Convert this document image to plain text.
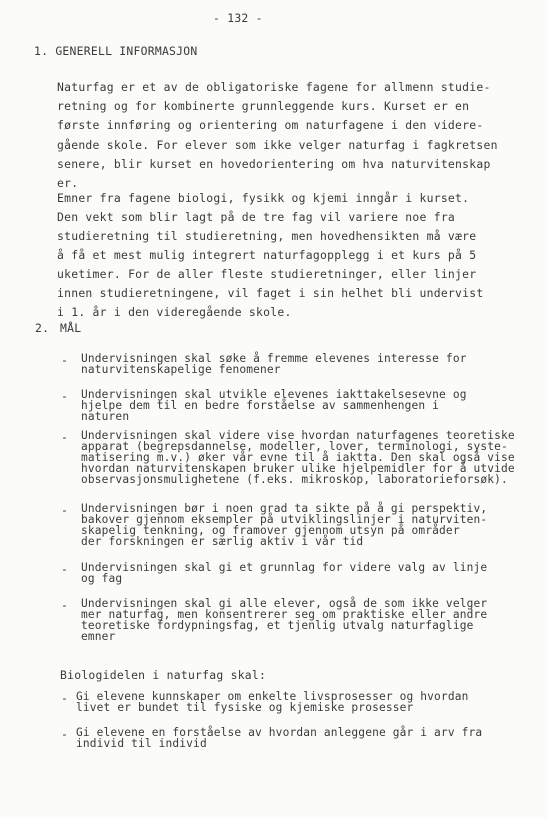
- 132 -
1. GENERELL INFORMASJON
Naturfag er et av de obligatoriske fagene for allmenn studie-
retning og for kombinerte grunnleggende kurs. Kurset er en
første innføring og orientering om naturfagene i den videre-
gående skole. For elever som ikke velger naturfag i fagkretsen
senere, blir kurset en hovedorientering om hva naturvitenskap
er.
Emner fra fagene biologi, fysikk og kjemi inngår i kurset.
Den vekt som blir lagt på de tre fag vil variere noe fra
studieretning til studieretning, men hovedhensikten må være
å få et mest mulig integrert naturfagopplegg i et kurs på 5
uketimer. For de aller fleste studieretninger, eller linjer
innen studieretningene, vil faget i sin helhet bli undervist
i 1. år i den videregående skole.
2. MÅL
- Undervisningen skal søke å fremme elevenes interesse for
naturvitenskapelige fenomener
- Undervisningen skal utvikle elevenes iakttakelsesevne og
hjelpe dem til en bedre forståelse av sammenhengen i
naturen
- Undervisningen skal videre vise hvordan naturfagenes teoretiske
apparat (begrepsdannelse, modeller, lover, terminologi, syste-
matisering m.v.) øker vår evne til å iaktta. Den skal også vise
hvordan naturvitenskapen bruker ulike hjelpemidler for å utvide
observasjonsmulighetene (f.eks. mikroskop, laboratorieforsøk).
- Undervisningen bør i noen grad ta sikte på å gi perspektiv,
bakover gjennom eksempler på utviklingslinjer i naturviten-
skapelig tenkning, og framover gjennom utsyn på områder
der forskningen er særlig aktiv i vår tid
- Undervisningen skal gi et grunnlag for videre valg av linje
og fag
- Undervisningen skal gi alle elever, også de som ikke velger
mer naturfag, men konsentrerer seg om praktiske eller andre
teoretiske fordypningsfag, et tjenlig utvalg naturfaglige
emner
Biologidelen i naturfag skal:
- Gi elevene kunnskaper om enkelte livsprosesser og hvordan
livet er bundet til fysiske og kjemiske prosesser
- Gi elevene en forståelse av hvordan anleggene går i arv fra
individ til individ
